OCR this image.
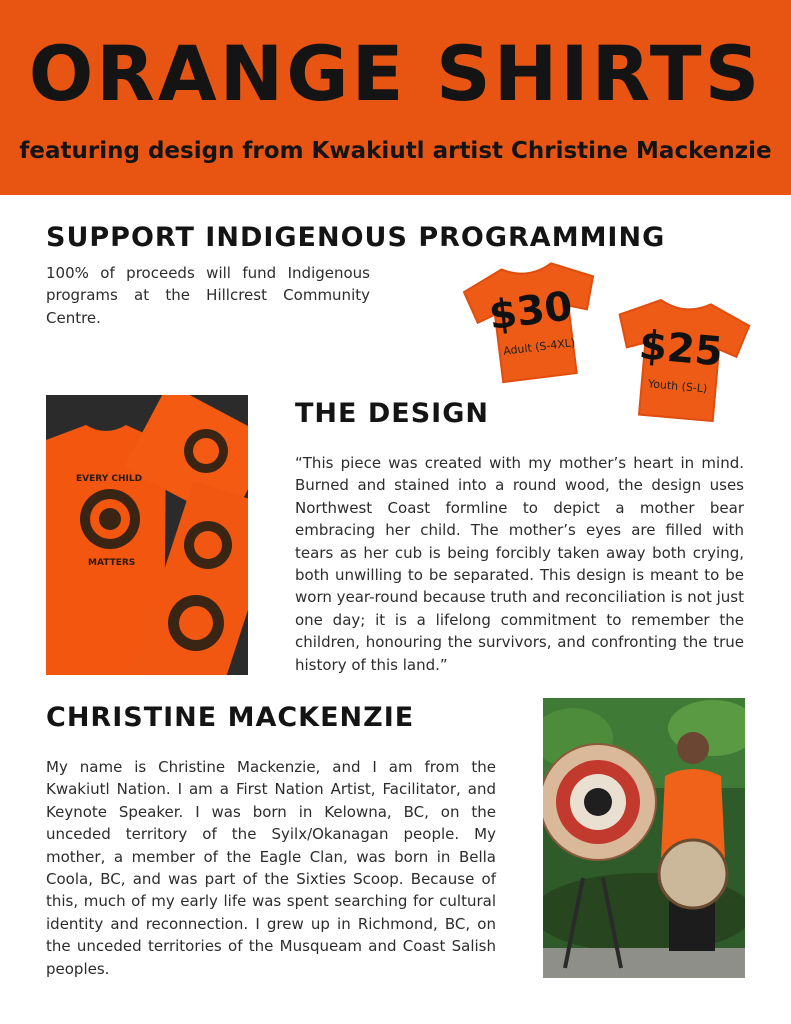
ORANGE SHIRTS
featuring design from Kwakiutl artist Christine Mackenzie
SUPPORT INDIGENOUS PROGRAMMING

100% of proceeds will fund Indigenous programs at the Hillcrest Community Centre.	$30
Adult (S-4XL) $25
Youth (S-L)
EVERY CHILD
MATTERS
THE DESIGN

“This piece was created with my mother’s heart in mind. Burned and stained into a round wood, the design uses Northwest Coast formline to depict a mother bear embracing her child. The mother’s eyes are filled with tears as her cub is being forcibly taken away both crying, both unwilling to be separated. This design is meant to be worn year-round because truth and reconciliation is not just one day; it is a lifelong commitment to remember the children, honouring the survivors, and confronting the true history of this land.”

CHRISTINE MACKENZIE

My name is Christine Mackenzie, and I am from the Kwakiutl Nation. I am a First Nation Artist, Facilitator, and Keynote Speaker. I was born in Kelowna, BC, on the unceded territory of the Syilx/Okanagan people. My mother, a member of the Eagle Clan, was born in Bella Coola, BC, and was part of the Sixties Scoop. Because of this, much of my early life was spent searching for cultural identity and reconnection. I grew up in Richmond, BC, on the unceded territories of the Musqueam and Coast Salish peoples.
